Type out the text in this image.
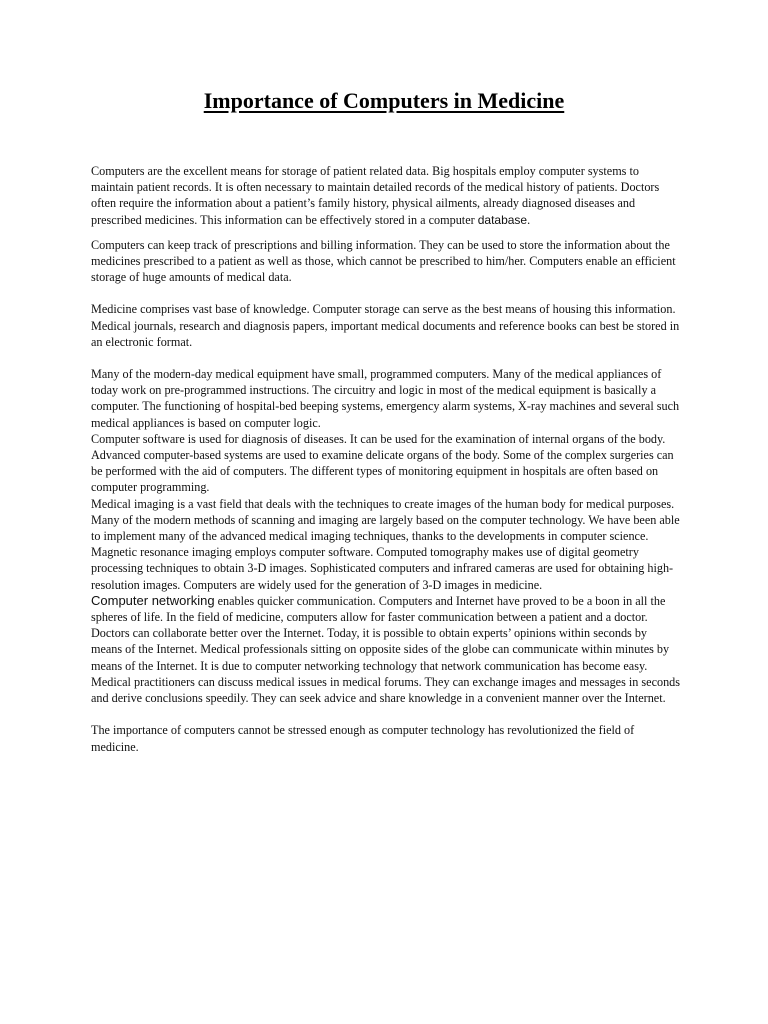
Importance of Computers in Medicine

Computers are the excellent means for storage of patient related data. Big hospitals employ computer systems to maintain patient records. It is often necessary to maintain detailed records of the medical history of patients. Doctors often require the information about a patient’s family history, physical ailments, already diagnosed diseases and prescribed medicines. This information can be effectively stored in a computer database.

Computers can keep track of prescriptions and billing information. They can be used to store the information about the medicines prescribed to a patient as well as those, which cannot be prescribed to him/her. Computers enable an efficient storage of huge amounts of medical data.

Medicine comprises vast base of knowledge. Computer storage can serve as the best means of housing this information. Medical journals, research and diagnosis papers, important medical documents and reference books can best be stored in an electronic format.

Many of the modern-day medical equipment have small, programmed computers. Many of the medical appliances of today work on pre-programmed instructions. The circuitry and logic in most of the medical equipment is basically a computer. The functioning of hospital-bed beeping systems, emergency alarm systems, X-ray machines and several such medical appliances is based on computer logic.

Computer software is used for diagnosis of diseases. It can be used for the examination of internal organs of the body. Advanced computer-based systems are used to examine delicate organs of the body. Some of the complex surgeries can be performed with the aid of computers. The different types of monitoring equipment in hospitals are often based on computer programming.

Medical imaging is a vast field that deals with the techniques to create images of the human body for medical purposes. Many of the modern methods of scanning and imaging are largely based on the computer technology. We have been able to implement many of the advanced medical imaging techniques, thanks to the developments in computer science. Magnetic resonance imaging employs computer software. Computed tomography makes use of digital geometry processing techniques to obtain 3-D images. Sophisticated computers and infrared cameras are used for obtaining high-resolution images. Computers are widely used for the generation of 3-D images in medicine.

Computer networking enables quicker communication. Computers and Internet have proved to be a boon in all the spheres of life. In the field of medicine, computers allow for faster communication between a patient and a doctor. Doctors can collaborate better over the Internet. Today, it is possible to obtain experts’ opinions within seconds by means of the Internet. Medical professionals sitting on opposite sides of the globe can communicate within minutes by means of the Internet. It is due to computer networking technology that network communication has become easy. Medical practitioners can discuss medical issues in medical forums. They can exchange images and messages in seconds and derive conclusions speedily. They can seek advice and share knowledge in a convenient manner over the Internet.

The importance of computers cannot be stressed enough as computer technology has revolutionized the field of medicine.
